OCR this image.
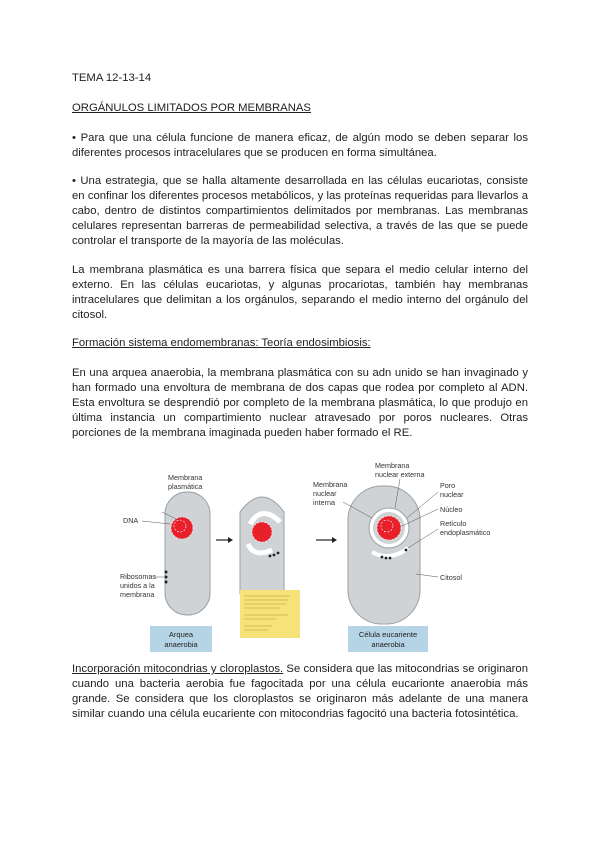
TEMA 12-13-14

ORGÁNULOS LIMITADOS POR MEMBRANAS

• Para que una célula funcione de manera eficaz, de algún modo se deben separar los diferentes procesos intracelulares que se producen en forma simultánea.

• Una estrategia, que se halla altamente desarrollada en las células eucariotas, consiste en confinar los diferentes procesos metabólicos, y las proteínas requeridas para llevarlos a cabo, dentro de distintos compartimientos delimitados por membranas. Las membranas celulares representan barreras de permeabilidad selectiva, a través de las que se puede controlar el transporte de la mayoría de las moléculas.

La membrana plasmática es una barrera física que separa el medio celular interno del externo. En las células eucariotas, y algunas procariotas, también hay membranas intracelulares que delimitan a los orgánulos, separando el medio interno del orgánulo del citosol.

Formación sistema endomembranas: Teoría endosimbiosis:

En una arquea anaerobia, la membrana plasmática con su adn unido se han invaginado y han formado una envoltura de membrana de dos capas que rodea por completo al ADN. Esta envoltura se desprendió por completo de la membrana plasmática, lo que produjo en última instancia un compartimiento nuclear atravesado por poros nucleares. Otras porciones de la membrana imaginada pueden haber formado el RE.

Membrana
plasmática
DNA
Ribosomas
unidos a la
membrana
Membrana
nuclear externa
Membrana
nuclear
interna
Poro
nuclear
Núcleo
Retículo
endoplasmático
Citosol
Arquea
anaerobia
Célula eucariente
anaerobia

Incorporación mitocondrias y cloroplastos. Se considera que las mitocondrias se originaron cuando una bacteria aerobia fue fagocitada por una célula eucarionte anaerobia más grande. Se considera que los cloroplastos se originaron más adelante de una manera similar cuando una célula eucariente con mitocondrias fagocitó una bacteria fotosintética.
